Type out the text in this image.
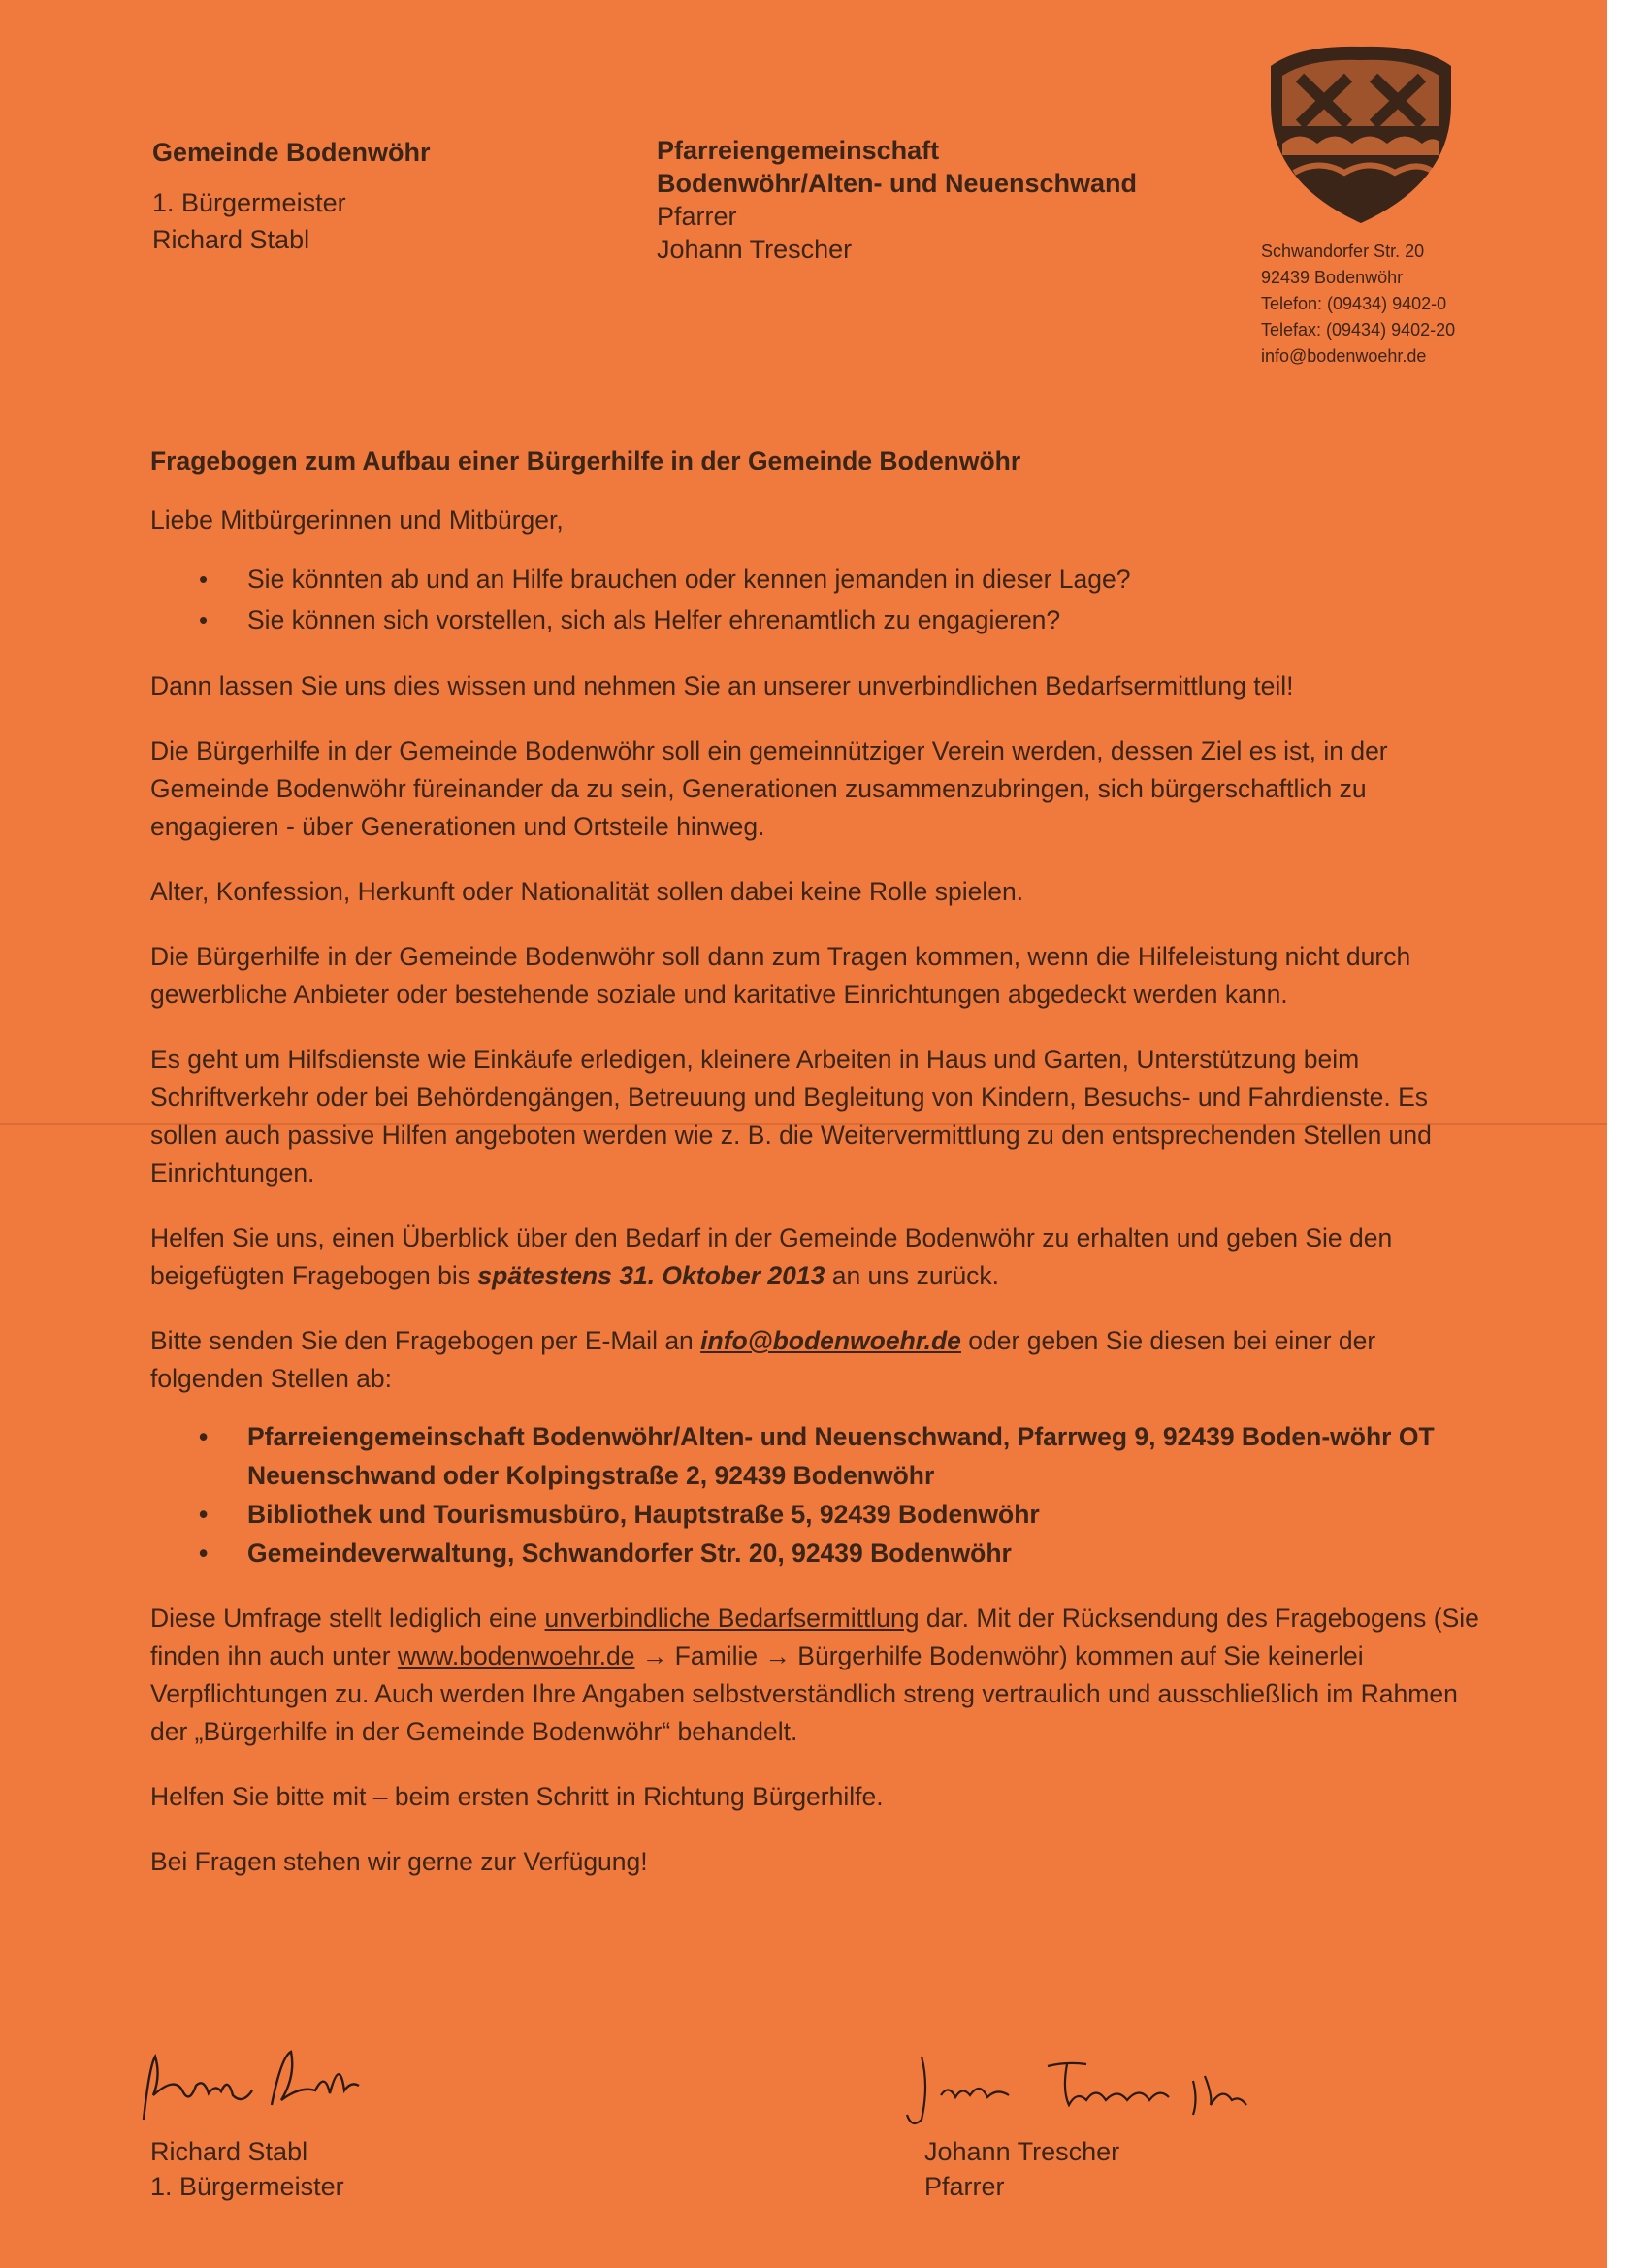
Gemeinde Bodenwöhr
1. Bürgermeister
Richard Stabl
Pfarreiengemeinschaft
Bodenwöhr/Alten- und Neuenschwand
Pfarrer
Johann Trescher	Schwandorfer Str. 20
92439 Bodenwöhr
Telefon: (09434) 9402-0
Telefax: (09434) 9402-20
info@bodenwoehr.de

Fragebogen zum Aufbau einer Bürgerhilfe in der Gemeinde Bodenwöhr

Liebe Mitbürgerinnen und Mitbürger,

• Sie könnten ab und an Hilfe brauchen oder kennen jemanden in dieser Lage?
• Sie können sich vorstellen, sich als Helfer ehrenamtlich zu engagieren?

Dann lassen Sie uns dies wissen und nehmen Sie an unserer unverbindlichen Bedarfsermittlung teil!

Die Bürgerhilfe in der Gemeinde Bodenwöhr soll ein gemeinnütziger Verein werden, dessen Ziel es ist, in der Gemeinde Bodenwöhr füreinander da zu sein, Generationen zusammenzubringen, sich bürgerschaftlich zu engagieren - über Generationen und Ortsteile hinweg.

Alter, Konfession, Herkunft oder Nationalität sollen dabei keine Rolle spielen.

Die Bürgerhilfe in der Gemeinde Bodenwöhr soll dann zum Tragen kommen, wenn die Hilfeleistung nicht durch gewerbliche Anbieter oder bestehende soziale und karitative Einrichtungen abgedeckt werden kann.

Es geht um Hilfsdienste wie Einkäufe erledigen, kleinere Arbeiten in Haus und Garten, Unterstützung beim Schriftverkehr oder bei Behördengängen, Betreuung und Begleitung von Kindern, Besuchs- und Fahrdienste. Es sollen auch passive Hilfen angeboten werden wie z. B. die Weitervermittlung zu den entsprechenden Stellen und Einrichtungen.

Helfen Sie uns, einen Überblick über den Bedarf in der Gemeinde Bodenwöhr zu erhalten und geben Sie den beigefügten Fragebogen bis spätestens 31. Oktober 2013 an uns zurück.

Bitte senden Sie den Fragebogen per E-Mail an info@bodenwoehr.de oder geben Sie diesen bei einer der folgenden Stellen ab:

• Pfarreiengemeinschaft Bodenwöhr/Alten- und Neuenschwand, Pfarrweg 9, 92439 Boden-wöhr OT Neuenschwand oder Kolpingstraße 2, 92439 Bodenwöhr
• Bibliothek und Tourismusbüro, Hauptstraße 5, 92439 Bodenwöhr
• Gemeindeverwaltung, Schwandorfer Str. 20, 92439 Bodenwöhr

Diese Umfrage stellt lediglich eine unverbindliche Bedarfsermittlung dar. Mit der Rücksendung des Fragebogens (Sie finden ihn auch unter www.bodenwoehr.de → Familie → Bürgerhilfe Bodenwöhr) kommen auf Sie keinerlei Verpflichtungen zu. Auch werden Ihre Angaben selbstverständlich streng vertraulich und ausschließlich im Rahmen der „Bürgerhilfe in der Gemeinde Bodenwöhr“ behandelt.

Helfen Sie bitte mit – beim ersten Schritt in Richtung Bürgerhilfe.

Bei Fragen stehen wir gerne zur Verfügung!

Richard Stabl
1. Bürgermeister
Johann Trescher
Pfarrer
